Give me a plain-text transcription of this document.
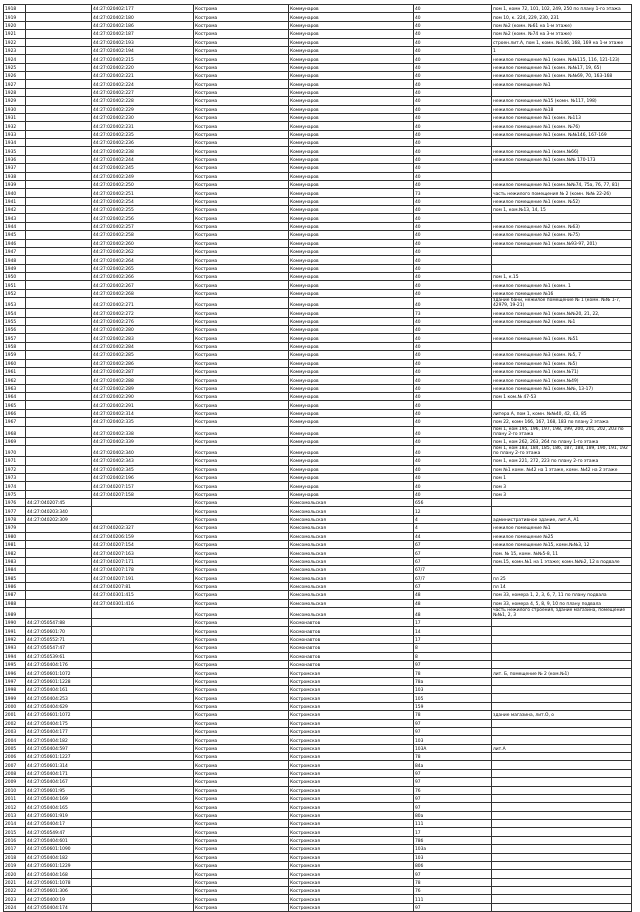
1918		44:27:020402:177	Кострома	Коммунаров	40	пом 1, комн 72, 101, 102, 249, 250 по плану 1-го этажа
1919		44:27:020402:180	Кострома	Коммунаров	40	пом 10, к. 224, 229, 230, 231
1920		44:27:020402:186	Кострома	Коммунаров	40	пом №2 (комн. №61 на 1-м этаже)
1921		44:27:020402:187	Кострома	Коммунаров	40	пом №2 (комн. №74 на 3-м этаже)
1922		44:27:020402:193	Кострома	Коммунаров	40	строен.лит.А, пом 1, комн. №146, 168, 169 на 1-м этаже
1923		44:27:020402:194	Кострома	Коммунаров	40	1
1924		44:27:020402:215	Кострома	Коммунаров	40	нежилое помещение №1 (комн. №№115, 116, 121-123)
1925		44:27:020402:220	Кострома	Коммунаров	40	нежилое помещение №1 (комн. №№17, 19, 65)
1926		44:27:020402:221	Кострома	Коммунаров	40	нежилое помещение №1 (комн. №№69, 70, 163-168
1927		44:27:020402:224	Кострома	Коммунаров	40	нежилое помещение №1
1928		44:27:020402:227	Кострома	Коммунаров	40	
1929		44:27:020402:228	Кострома	Коммунаров	40	нежилое помещение №15 (комн. №117, 198)
1930		44:27:020402:229	Кострома	Коммунаров	40	нежилое помещение №18
1931		44:27:020402:230	Кострома	Коммунаров	40	нежилое помещение №1 (комн. №113
1932		44:27:020402:231	Кострома	Коммунаров	40	нежилое помещение №1 (комн. №76)
1933		44:27:020402:235	Кострома	Коммунаров	40	нежилое помещение №1 (комн. №№146, 167-169
1934		44:27:020402:236	Кострома	Коммунаров	40	
1935		44:27:020402:238	Кострома	Коммунаров	40	нежилое помещение №1 (комн.№66)
1936		44:27:020402:244	Кострома	Коммунаров	40	нежилое помещение №1 (комн.№№ 170-173
1937		44:27:020402:245	Кострома	Коммунаров	40	
1938		44:27:020402:249	Кострома	Коммунаров	40	
1939		44:27:020402:250	Кострома	Коммунаров	40	нежилое помещение №1 (комн.№№74, 75а, 76, 77, 81)
1940		44:27:020402:251	Кострома	Коммунаров	73	часть нежилого помещения № 2 (комн. №№ 22-26)
1941		44:27:020402:254	Кострома	Коммунаров	40	нежилое помещение №1 (комн. №52)
1942		44:27:020402:255	Кострома	Коммунаров	40	пом 1, ком.№13, 14, 15
1943		44:27:020402:256	Кострома	Коммунаров	40	
1944		44:27:020402:257	Кострома	Коммунаров	40	нежилое помещение №2 (комн. №63)
1945		44:27:020402:258	Кострома	Коммунаров	40	нежилое помещение №2 (комн. №75)
1946		44:27:020402:260	Кострома	Коммунаров	40	нежилое помещение №1 (комн.№93-97, 201)
1947		44:27:020402:262	Кострома	Коммунаров	40	
1948		44:27:020402:264	Кострома	Коммунаров	40	
1949		44:27:020402:265	Кострома	Коммунаров	40	
1950		44:27:020402:266	Кострома	Коммунаров	40	пом 1, к.15
1951		44:27:020402:267	Кострома	Коммунаров	40	нежилое помещение №1 (комн. 1
1952		44:27:020402:268	Кострома	Коммунаров	40	нежилое помещение №16
1953		44:27:020402:271	Кострома	Коммунаров	40	здание бани, нежилое помещение № 1 (комн. №№ 1-7, 42979, 19-21)
1954		44:27:020402:272	Кострома	Коммунаров	73	нежилое помещение №1 (комн.№№20, 21, 22,
1955		44:27:020402:276	Кострома	Коммунаров	40	нежилое помещение №2 (комн. №1
1956		44:27:020402:280	Кострома	Коммунаров	40	
1957		44:27:020402:283	Кострома	Коммунаров	40	нежилое помещение №1 (комн. №51
1958		44:27:020402:284	Кострома	Коммунаров	40	
1959		44:27:020402:285	Кострома	Коммунаров	40	нежилое помещение №3 (комн. №5, 7
1960		44:27:020402:286	Кострома	Коммунаров	40	нежилое помещение №1 (комн. №5)
1961		44:27:020402:287	Кострома	Коммунаров	40	нежилое помещение №1 (комн.№71)
1962		44:27:020402:288	Кострома	Коммунаров	40	нежилое помещение №1 (комн.№49)
1963		44:27:020402:289	Кострома	Коммунаров	40	нежилое помещение №1 (комн.№№, 13-17)
1964		44:27:020402:290	Кострома	Коммунаров	40	пом 1 ком.№ 47-53
1965		44:27:020402:291	Кострома	Коммунаров	40	
1966		44:27:020402:314	Кострома	Коммунаров	40	литера А, пом 1, комн. №№40, 42, 43, 85
1967		44:27:020402:335	Кострома	Коммунаров	40	пом 22, комн 166, 167, 168, 183 по плану 2 этажа
1968		44:27:020402:338	Кострома	Коммунаров	40	пом 1, ком 195, 196, 197, 198, 199, 200, 201, 202, 203 по плану 2-го этажа
1969		44:27:020402:339	Кострома	Коммунаров	40	пом 1, ком 262, 263, 264 по плану 1-го этажа
1970		44:27:020402:340	Кострома	Коммунаров	40	пом 1, ком 183, 184, 185, 186, 187, 188, 189, 190, 191, 192 по плану 2-го этажа
1971		44:27:020402:343	Кострома	Коммунаров	40	пом 1, ком 221, 272, 223 по плану 2-го этажа
1972		44:27:020402:345	Кострома	Коммунаров	40	пом №1 комн. №42 на 1 этаже, комн. №42 на 2 этаже
1973		44:27:020402:196	Кострома	Коммунаров	40	пом 1
1974		44:27:040207:157	Кострома	Коммунаров	40	пом 3
1975		44:27:040207:158	Кострома	Коммунаров	40	пом 3
1976	44:27:040207:45		Кострома	Комсомольская	656	
1977	44:27:040203:340		Кострома	Комсомольская	12	
1978	44:27:040202:309		Кострома	Комсомольская	4	административное здание, лит.А, А1
1979		44:27:040202:327	Кострома	Комсомольская	4	нежилое помещение №1
1980		44:27:040206:159	Кострома	Комсомольская	44	нежилое помещение №25
1981		44:27:040207:154	Кострома	Комсомольская	67	нежилое помещение №15, комн.№№3, 12
1982		44:27:040207:163	Кострома	Комсомольская	67	пом. № 15, комн. №№5-8, 11
1983		44:27:040207:171	Кострома	Комсомольская	67	пом.15, комн.№1 на 1 этаже; комн.№№2, 12 в подвале
1984		44:27:040207:178	Кострома	Комсомольская	67/7	
1985		44:27:040207:191	Кострома	Комсомольская	67/7	пл 25
1986		44:27:040207:81	Кострома	Комсомольская	67	пл 14
1987		44:27:040301:415	Кострома	Комсомольская	48	пом 33, номера 1, 2, 3, 6, 7, 11 по плану подвала
1988		44:27:040301:416	Кострома	Комсомольская	48	пом 33, номера 4, 5, 8, 9, 10 по плану подвала
1989			Кострома	Комсомольская	48	часть нежилого строения, здание магазина, помещение №№1, 2, 3
1990	44:27:050547:88		Кострома	Космонавтов	17	
1991	44:27:050601:70		Кострома	Космонавтов	14	
1992	44:27:050552:71		Кострома	Космонавтов	17	
1993	44:27:050547:47		Кострома	Космонавтов	8	
1994	44:27:050539:61		Кострома	Космонавтов	8	
1995	44:27:050404:176		Кострома	Космонавтов	97	
1996	44:27:050601:1072		Кострома	Костромская	78	лит. Б, помещение № 2 (ком.№1)
1997	44:27:050601:1228		Кострома	Костромская	78а	
1998	44:27:050404:161		Кострома	Костромская	103	
1999	44:27:050404:253		Кострома	Костромская	105	
2000	44:27:050404:629		Кострома	Костромская	159	
2001	44:27:050601:1072		Кострома	Костромская	78	здание магазина, лит.О, о
2002	44:27:050404:175		Кострома	Костромская	97	
2003	44:27:050404:177		Кострома	Костромская	97	
2004	44:27:050404:182		Кострома	Костромская	103	
2005	44:27:050404:597		Кострома	Костромская	103А	лит.А
2006	44:27:050601:1227		Кострома	Костромская	78	
2007	44:27:050601:314		Кострома	Костромская	84а	
2008	44:27:050404:171		Кострома	Костромская	97	
2009	44:27:050404:167		Кострома	Костромская	97	
2010	44:27:050601:95		Кострома	Костромская	76	
2011	44:27:050404:169		Кострома	Костромская	97	
2012	44:27:050404:165		Кострома	Костромская	97	
2013	44:27:050601:919		Кострома	Костромская	80а	
2014	44:27:050404:17		Кострома	Костромская	111	
2015	44:27:050549:47		Кострома	Костромская	17	
2016	44:27:050404:601		Кострома	Костромская	78б	
2017	44:27:050601:1090		Кострома	Костромская	103а	
2018	44:27:050404:182		Кострома	Костромская	103	
2019	44:27:050601:1229		Кострома	Костромская	80б	
2020	44:27:050404:168		Кострома	Костромская	97	
2021	44:27:050601:1078		Кострома	Костромская	78	
2022	44:27:050601:306		Кострома	Костромская	76	
2023	44:27:050400:19		Кострома	Костромская	111	
2024	44:27:050404:174		Кострома	Костромская	97	
